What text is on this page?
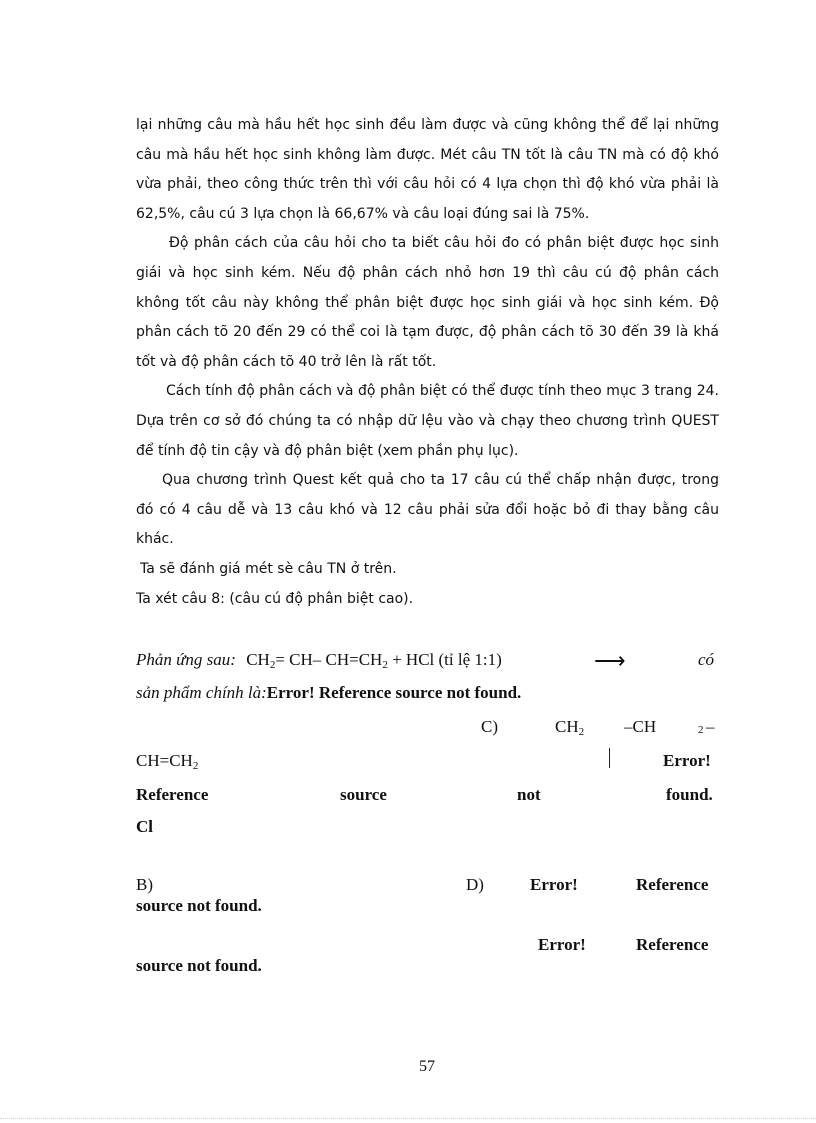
lại những câu mà hầu hết học sinh đều làm được và cũng không thể để lại những câu mà hầu hết học sinh không làm được. Mét câu TN tốt là câu TN mà có độ khó vừa phải, theo công thức trên thì với câu hỏi có 4 lựa chọn thì độ khó vừa phải là 62,5%, câu cú 3 lựa chọn là 66,67% và câu loại đúng sai là 75%.

Độ phân cách của câu hỏi cho ta biết câu hỏi đo có phân biệt được học sinh giái và học sinh kém. Nếu độ phân cách nhỏ hơn 19 thì câu cú độ phân cách không tốt câu này không thể phân biệt được học sinh giái và học sinh kém. Độ phân cách tõ 20 đến 29 có thể coi là tạm được, độ phân cách tõ 30 đến 39 là khá tốt và độ phân cách tõ 40 trở lên là rất tốt.

Cách tính độ phân cách và độ phân biệt có thể được tính theo mục 3 trang 24. Dựa trên cơ sở đó chúng ta có nhập dữ lệu vào và chạy theo chương trình QUEST để tính độ tin cậy và độ phân biệt (xem phần phụ lục).

Qua chương trình Quest kết quả cho ta 17 câu cú thể chấp nhận được, trong đó có 4 câu dễ và 13 câu khó và 12 câu phải sửa đổi hoặc bỏ đi thay bằng câu khác.

Ta sẽ đánh giá mét sè câu TN ở trên.

Ta xét câu 8: (câu cú độ phân biệt cao).

Phản ứng sau: $CH_2= CH-$ $CH=CH_2$ + HCl (tỉ lệ 1:1)	⟶	có
sản phẩm chính là:Error! Reference source not found.
C)	$CH_2$ –CH	2 –
$CH=CH_2$	Error!
Reference	source	not	found.
Cl
B)	D)	Error!	Reference
source not found.
Error!	Reference
source not found.
57
